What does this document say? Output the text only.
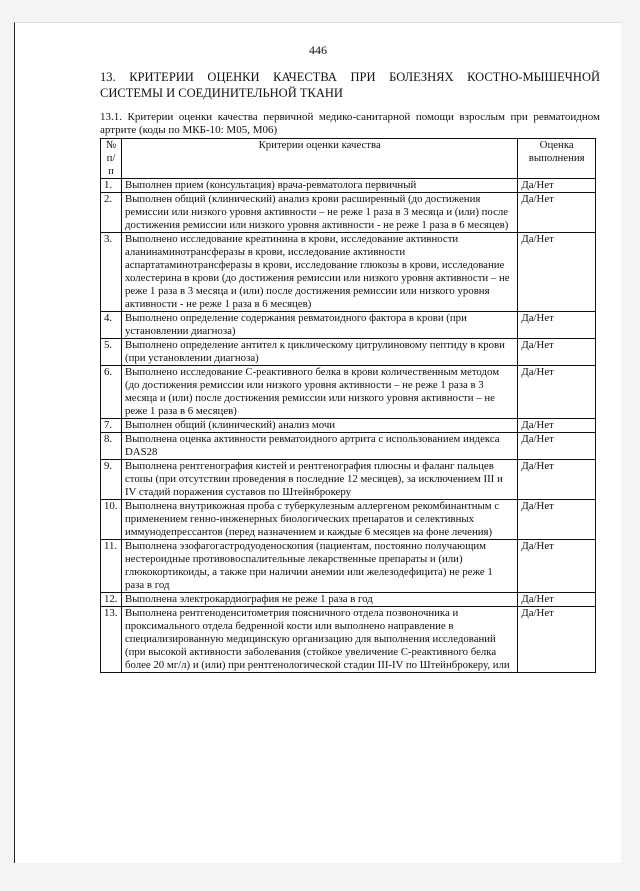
446
13. КРИТЕРИИ ОЦЕНКИ КАЧЕСТВА ПРИ БОЛЕЗНЯХ КОСТНО-МЫШЕЧНОЙ СИСТЕМЫ И СОЕДИНИТЕЛЬНОЙ ТКАНИ
13.1. Критерии оценки качества первичной медико-санитарной помощи взрослым при ревматоидном артрите (коды по МКБ-10: М05, М06)
№ п/п	Критерии оценки качества	Оценка выполнения
1.	Выполнен прием (консультация) врача-ревматолога первичный	Да/Нет
2.	Выполнен общий (клинический) анализ крови расширенный (до достижения ремиссии или низкого уровня активности – не реже 1 раза в 3 месяца и (или) после достижения ремиссии или низкого уровня активности - не реже 1 раза в 6 месяцев)	Да/Нет
3.	Выполнено исследование креатинина в крови, исследование активности аланинаминотрансферазы в крови, исследование активности аспартатаминотрансферазы в крови, исследование глюкозы в крови, исследование холестерина в крови (до достижения ремиссии или низкого уровня активности – не реже 1 раза в 3 месяца и (или) после достижения ремиссии или низкого уровня активности - не реже 1 раза в 6 месяцев)	Да/Нет
4.	Выполнено определение содержания ревматоидного фактора в крови (при установлении диагноза)	Да/Нет
5.	Выполнено определение антител к циклическому цитрулиновому пептиду в крови (при установлении диагноза)	Да/Нет
6.	Выполнено исследование С-реактивного белка в крови количественным методом (до достижения ремиссии или низкого уровня активности – не реже 1 раза в 3 месяца и (или) после достижения ремиссии или низкого уровня активности – не реже 1 раза в 6 месяцев)	Да/Нет
7.	Выполнен общий (клинический) анализ мочи	Да/Нет
8.	Выполнена оценка активности ревматоидного артрита с использованием индекса DAS28	Да/Нет
9.	Выполнена рентгенография кистей и рентгенография плюсны и фаланг пальцев стопы (при отсутствии проведения в последние 12 месяцев), за исключением III и IV стадий поражения суставов по Штейнброкеру	Да/Нет
10.	Выполнена внутрикожная проба с туберкулезным аллергеном рекомбинантным с применением генно-инженерных биологических препаратов и селективных иммунодепрессантов (перед назначением и каждые 6 месяцев на фоне лечения)	Да/Нет
11.	Выполнена эзофагогастродуоденоскопия (пациентам, постоянно получающим нестероидные противовоспалительные лекарственные препараты и (или) глюкокортикоиды, а также при наличии анемии или железодефицита) не реже 1 раза в год	Да/Нет
12.	Выполнена электрокардиография не реже 1 раза в год	Да/Нет
13.	Выполнена рентгеноденситометрия поясничного отдела позвоночника и проксимального отдела бедренной кости или выполнено направление в специализированную медицинскую организацию для выполнения исследований (при высокой активности заболевания (стойкое увеличение С-реактивного белка более 20 мг/л) и (или) при рентгенологической стадии III-IV по Штейнброкеру, или	Да/Нет
